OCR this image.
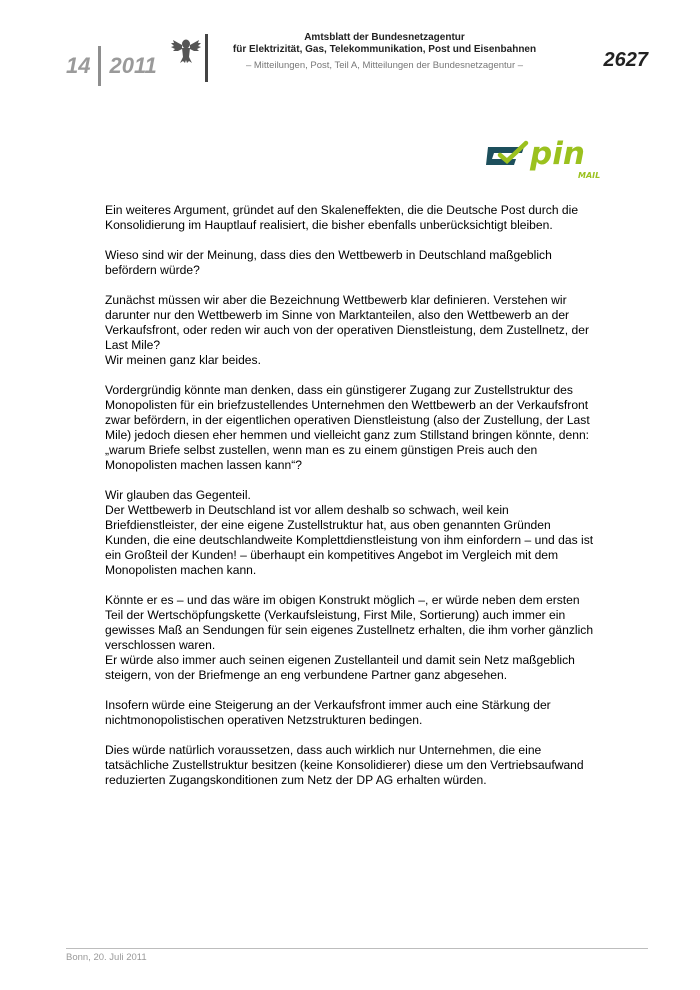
14 2011
Amtsblatt der Bundesnetzagentur
für Elektrizität, Gas, Telekommunikation, Post und Eisenbahnen
– Mitteilungen, Post, Teil A, Mitteilungen der Bundesnetzagentur –	2627
pin
MAIL

Ein weiteres Argument, gründet auf den Skaleneffekten, die die Deutsche Post durch die Konsolidierung im Hauptlauf realisiert, die bisher ebenfalls unberücksichtigt bleiben.

Wieso sind wir der Meinung, dass dies den Wettbewerb in Deutschland maßgeblich befördern würde?

Zunächst müssen wir aber die Bezeichnung Wettbewerb klar definieren. Verstehen wir darunter nur den Wettbewerb im Sinne von Marktanteilen, also den Wettbewerb an der Verkaufsfront, oder reden wir auch von der operativen Dienstleistung, dem Zustellnetz, der Last Mile?
Wir meinen ganz klar beides.

Vordergründig könnte man denken, dass ein günstigerer Zugang zur Zustellstruktur des Monopolisten für ein briefzustellendes Unternehmen den Wettbewerb an der Verkaufsfront zwar befördern, in der eigentlichen operativen Dienstleistung (also der Zustellung, der Last Mile) jedoch diesen eher hemmen und vielleicht ganz zum Stillstand bringen könnte, denn: „warum Briefe selbst zustellen, wenn man es zu einem günstigen Preis auch den Monopolisten machen lassen kann“?

Wir glauben das Gegenteil.
Der Wettbewerb in Deutschland ist vor allem deshalb so schwach, weil kein Briefdienstleister, der eine eigene Zustellstruktur hat, aus oben genannten Gründen Kunden, die eine deutschlandweite Komplettdienstleistung von ihm einfordern – und das ist ein Großteil der Kunden! – überhaupt ein kompetitives Angebot im Vergleich mit dem Monopolisten machen kann.

Könnte er es – und das wäre im obigen Konstrukt möglich –, er würde neben dem ersten Teil der Wertschöpfungskette (Verkaufsleistung, First Mile, Sortierung) auch immer ein gewisses Maß an Sendungen für sein eigenes Zustellnetz erhalten, die ihm vorher gänzlich verschlossen waren.
Er würde also immer auch seinen eigenen Zustellanteil und damit sein Netz maßgeblich steigern, von der Briefmenge an eng verbundene Partner ganz abgesehen.

Insofern würde eine Steigerung an der Verkaufsfront immer auch eine Stärkung der nichtmonopolistischen operativen Netzstrukturen bedingen.

Dies würde natürlich voraussetzen, dass auch wirklich nur Unternehmen, die eine tatsächliche Zustellstruktur besitzen (keine Konsolidierer) diese um den Vertriebsaufwand reduzierten Zugangskonditionen zum Netz der DP AG erhalten würden.

Bonn, 20. Juli 2011
